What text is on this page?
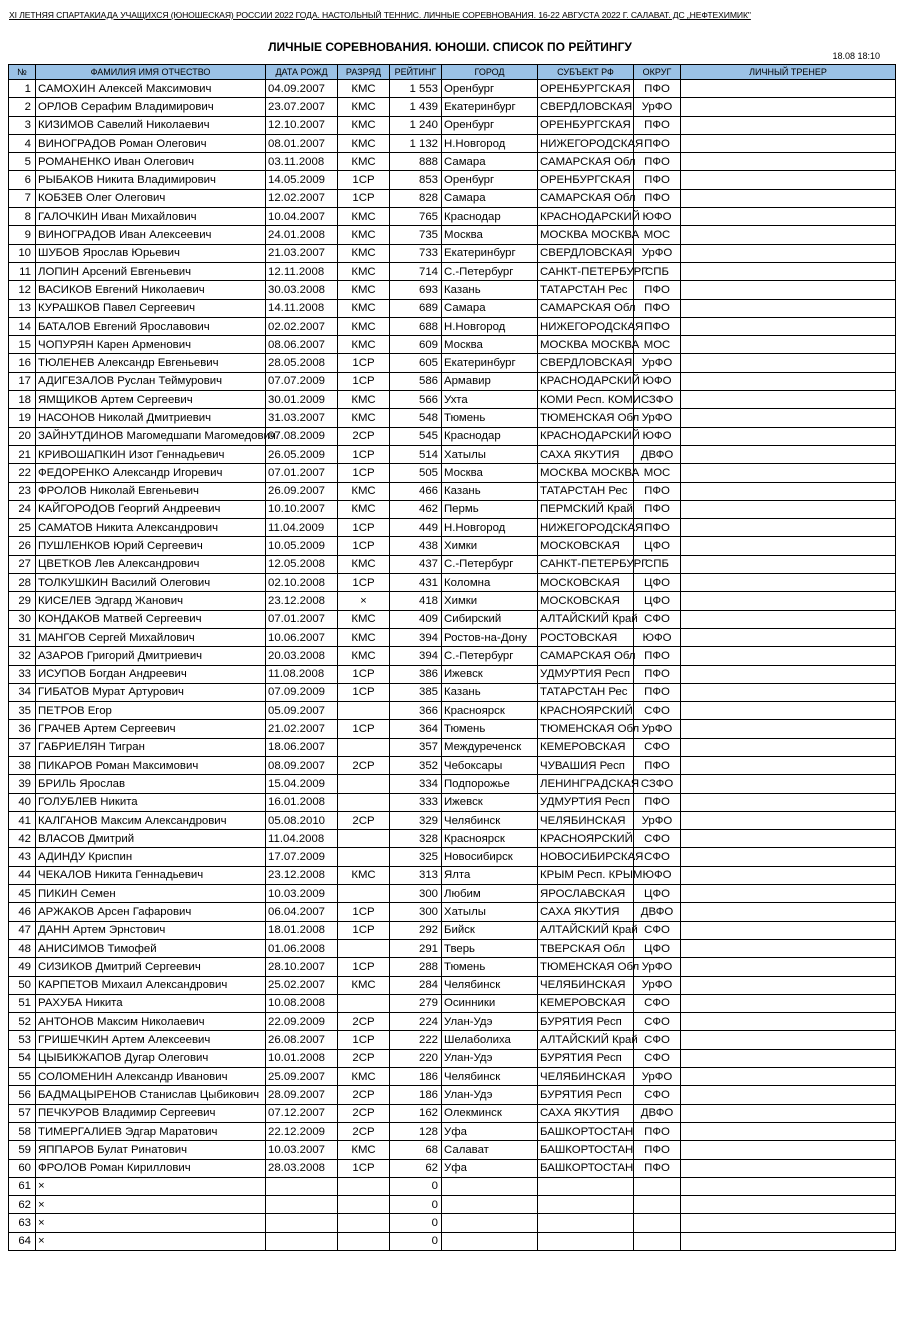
XI ЛЕТНЯЯ СПАРТАКИАДА УЧАЩИХСЯ (ЮНОШЕСКАЯ) РОССИИ 2022 ГОДА. НАСТОЛЬНЫЙ ТЕННИС. ЛИЧНЫЕ СОРЕВНОВАНИЯ. 16-22 АВГУСТА 2022 Г. САЛАВАТ. ДС „НЕФТЕХИМИК"
ЛИЧНЫЕ СОРЕВНОВАНИЯ. ЮНОШИ. СПИСОК ПО РЕЙТИНГУ
18.08 18:10
№	ФАМИЛИЯ ИМЯ ОТЧЕСТВО	ДАТА РОЖД	РАЗРЯД	РЕЙТИНГ	ГОРОД	СУБЪЕКТ РФ	ОКРУГ	ЛИЧНЫЙ ТРЕНЕР
1	САМОХИН Алексей Максимович	04.09.2007	КМС	1 553	Оренбург	ОРЕНБУРГСКАЯ	ПФО	
2	ОРЛОВ Серафим Владимирович	23.07.2007	КМС	1 439	Екатеринбург	СВЕРДЛОВСКАЯ	УрФО	
3	КИЗИМОВ Савелий Николаевич	12.10.2007	КМС	1 240	Оренбург	ОРЕНБУРГСКАЯ	ПФО	
4	ВИНОГРАДОВ Роман Олегович	08.01.2007	КМС	1 132	Н.Новгород	НИЖЕГОРОДСКАЯ	ПФО	
5	РОМАНЕНКО Иван Олегович	03.11.2008	КМС	888	Самара	САМАРСКАЯ Обл	ПФО	
6	РЫБАКОВ Никита Владимирович	14.05.2009	1СР	853	Оренбург	ОРЕНБУРГСКАЯ	ПФО	
7	КОБЗЕВ Олег Олегович	12.02.2007	1СР	828	Самара	САМАРСКАЯ Обл	ПФО	
8	ГАЛОЧКИН Иван Михайлович	10.04.2007	КМС	765	Краснодар	КРАСНОДАРСКИЙ	ЮФО	
9	ВИНОГРАДОВ Иван Алексеевич	24.01.2008	КМС	735	Москва	МОСКВА МОСКВА	МОС	
10	ШУБОВ Ярослав Юрьевич	21.03.2007	КМС	733	Екатеринбург	СВЕРДЛОВСКАЯ	УрФО	
11	ЛОПИН Арсений Евгеньевич	12.11.2008	КМС	714	С.-Петербург	САНКТ-ПЕТЕРБУРГ	СПБ	
12	ВАСИКОВ Евгений Николаевич	30.03.2008	КМС	693	Казань	ТАТАРСТАН Рес	ПФО	
13	КУРАШКОВ Павел Сергеевич	14.11.2008	КМС	689	Самара	САМАРСКАЯ Обл	ПФО	
14	БАТАЛОВ Евгений Ярославович	02.02.2007	КМС	688	Н.Новгород	НИЖЕГОРОДСКАЯ	ПФО	
15	ЧОПУРЯН Карен Арменович	08.06.2007	КМС	609	Москва	МОСКВА МОСКВА	МОС	
16	ТЮЛЕНЕВ Александр Евгеньевич	28.05.2008	1СР	605	Екатеринбург	СВЕРДЛОВСКАЯ	УрФО	
17	АДИГЕЗАЛОВ Руслан Теймурович	07.07.2009	1СР	586	Армавир	КРАСНОДАРСКИЙ	ЮФО	
18	ЯМЩИКОВ Артем Сергеевич	30.01.2009	КМС	566	Ухта	КОМИ Респ. КОМИ	СЗФО	
19	НАСОНОВ Николай Дмитриевич	31.03.2007	КМС	548	Тюмень	ТЮМЕНСКАЯ Обл	УрФО	
20	ЗАЙНУТДИНОВ Магомедшапи Магомедович	07.08.2009	2СР	545	Краснодар	КРАСНОДАРСКИЙ	ЮФО	
21	КРИВОШАПКИН Изот Геннадьевич	26.05.2009	1СР	514	Хатылы	САХА ЯКУТИЯ	ДВФО	
22	ФЕДОРЕНКО Александр Игоревич	07.01.2007	1СР	505	Москва	МОСКВА МОСКВА	МОС	
23	ФРОЛОВ Николай Евгеньевич	26.09.2007	КМС	466	Казань	ТАТАРСТАН Рес	ПФО	
24	КАЙГОРОДОВ Георгий Андреевич	10.10.2007	КМС	462	Пермь	ПЕРМСКИЙ Край	ПФО	
25	САМАТОВ Никита Александрович	11.04.2009	1СР	449	Н.Новгород	НИЖЕГОРОДСКАЯ	ПФО	
26	ПУШЛЕНКОВ Юрий Сергеевич	10.05.2009	1СР	438	Химки	МОСКОВСКАЯ	ЦФО	
27	ЦВЕТКОВ Лев Александрович	12.05.2008	КМС	437	С.-Петербург	САНКТ-ПЕТЕРБУРГ	СПБ	
28	ТОЛКУШКИН Василий Олегович	02.10.2008	1СР	431	Коломна	МОСКОВСКАЯ	ЦФО	
29	КИСЕЛЕВ Эдгард Жанович	23.12.2008	×	418	Химки	МОСКОВСКАЯ	ЦФО	
30	КОНДАКОВ Матвей Сергеевич	07.01.2007	КМС	409	Сибирский	АЛТАЙСКИЙ Край	СФО	
31	МАНГОВ Сергей Михайлович	10.06.2007	КМС	394	Ростов-на-Дону	РОСТОВСКАЯ	ЮФО	
32	АЗАРОВ Григорий Дмитриевич	20.03.2008	КМС	394	С.-Петербург	САМАРСКАЯ Обл	ПФО	
33	ИСУПОВ Богдан Андреевич	11.08.2008	1СР	386	Ижевск	УДМУРТИЯ Респ	ПФО	
34	ГИБАТОВ Мурат Артурович	07.09.2009	1СР	385	Казань	ТАТАРСТАН Рес	ПФО	
35	ПЕТРОВ Егор	05.09.2007		366	Красноярск	КРАСНОЯРСКИЙ	СФО	
36	ГРАЧЕВ Артем Сергеевич	21.02.2007	1СР	364	Тюмень	ТЮМЕНСКАЯ Обл	УрФО	
37	ГАБРИЕЛЯН Тигран	18.06.2007		357	Междуреченск	КЕМЕРОВСКАЯ	СФО	
38	ПИКАРОВ Роман Максимович	08.09.2007	2СР	352	Чебоксары	ЧУВАШИЯ Респ	ПФО	
39	БРИЛЬ Ярослав	15.04.2009		334	Подпорожье	ЛЕНИНГРАДСКАЯ	СЗФО	
40	ГОЛУБЛЕВ Никита	16.01.2008		333	Ижевск	УДМУРТИЯ Респ	ПФО	
41	КАЛГАНОВ Максим Александрович	05.08.2010	2СР	329	Челябинск	ЧЕЛЯБИНСКАЯ	УрФО	
42	ВЛАСОВ Дмитрий	11.04.2008		328	Красноярск	КРАСНОЯРСКИЙ	СФО	
43	АДИНДУ Криспин	17.07.2009		325	Новосибирск	НОВОСИБИРСКАЯ	СФО	
44	ЧЕКАЛОВ Никита Геннадьевич	23.12.2008	КМС	313	Ялта	КРЫМ Респ. КРЫМ	ЮФО	
45	ПИКИН Семен	10.03.2009		300	Любим	ЯРОСЛАВСКАЯ	ЦФО	
46	АРЖАКОВ Арсен Гафарович	06.04.2007	1СР	300	Хатылы	САХА ЯКУТИЯ	ДВФО	
47	ДАНН Артем Эрнстович	18.01.2008	1СР	292	Бийск	АЛТАЙСКИЙ Край	СФО	
48	АНИСИМОВ Тимофей	01.06.2008		291	Тверь	ТВЕРСКАЯ Обл	ЦФО	
49	СИЗИКОВ Дмитрий Сергеевич	28.10.2007	1СР	288	Тюмень	ТЮМЕНСКАЯ Обл	УрФО	
50	КАРПЕТОВ Михаил Александрович	25.02.2007	КМС	284	Челябинск	ЧЕЛЯБИНСКАЯ	УрФО	
51	РАХУБА Никита	10.08.2008		279	Осинники	КЕМЕРОВСКАЯ	СФО	
52	АНТОНОВ Максим Николаевич	22.09.2009	2СР	224	Улан-Удэ	БУРЯТИЯ Респ	СФО	
53	ГРИШЕЧКИН Артем Алексеевич	26.08.2007	1СР	222	Шелаболиха	АЛТАЙСКИЙ Край	СФО	
54	ЦЫБИКЖАПОВ Дугар Олегович	10.01.2008	2СР	220	Улан-Удэ	БУРЯТИЯ Респ	СФО	
55	СОЛОМЕНИН Александр Иванович	25.09.2007	КМС	186	Челябинск	ЧЕЛЯБИНСКАЯ	УрФО	
56	БАДМАЦЫРЕНОВ Станислав Цыбикович	28.09.2007	2СР	186	Улан-Удэ	БУРЯТИЯ Респ	СФО	
57	ПЕЧКУРОВ Владимир Сергеевич	07.12.2007	2СР	162	Олекминск	САХА ЯКУТИЯ	ДВФО	
58	ТИМЕРГАЛИЕВ Эдгар Маратович	22.12.2009	2СР	128	Уфа	БАШКОРТОСТАН	ПФО	
59	ЯППАРОВ Булат Ринатович	10.03.2007	КМС	68	Салават	БАШКОРТОСТАН	ПФО	
60	ФРОЛОВ Роман Кириллович	28.03.2008	1СР	62	Уфа	БАШКОРТОСТАН	ПФО	
61	×			0				
62	×			0				
63	×			0				
64	×			0				
